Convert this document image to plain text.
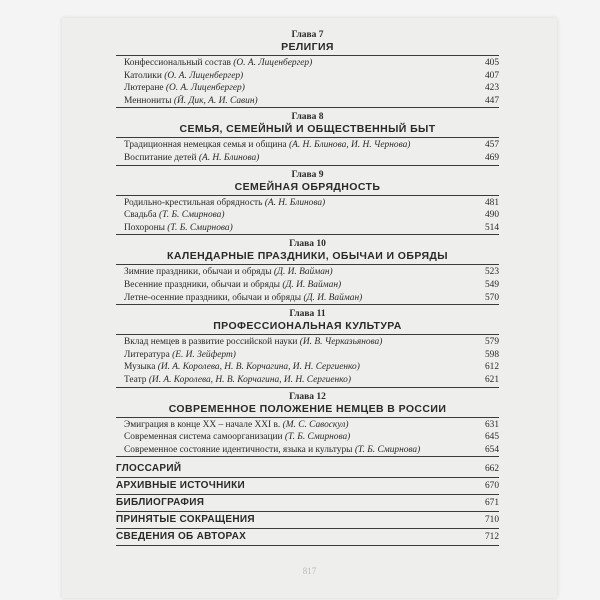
Глава 7
РЕЛИГИЯ
Конфессиональный состав (О. А. Лиценбергер)	405
Католики (О. А. Лиценбергер)	407
Лютеране (О. А. Лиценбергер)	423
Меннониты (Й. Дик, А. И. Савин)	447
Глава 8
СЕМЬЯ, СЕМЕЙНЫЙ И ОБЩЕСТВЕННЫЙ БЫТ
Традиционная немецкая семья и община (А. Н. Блинова, И. Н. Чернова)	457
Воспитание детей (А. Н. Блинова)	469
Глава 9
СЕМЕЙНАЯ ОБРЯДНОСТЬ
Родильно-крестильная обрядность (А. Н. Блинова)	481
Свадьба (Т. Б. Смирнова)	490
Похороны (Т. Б. Смирнова)	514
Глава 10
КАЛЕНДАРНЫЕ ПРАЗДНИКИ, ОБЫЧАИ И ОБРЯДЫ
Зимние праздники, обычаи и обряды (Д. И. Вайман)	523
Весенние праздники, обычаи и обряды (Д. И. Вайман)	549
Летне-осенние праздники, обычаи и обряды (Д. И. Вайман)	570
Глава 11
ПРОФЕССИОНАЛЬНАЯ КУЛЬТУРА
Вклад немцев в развитие российской науки (И. В. Черказьянова)	579
Литература (Е. И. Зейферт)	598
Музыка (И. А. Королева, Н. В. Корчагина, И. Н. Сергиенко)	612
Театр (И. А. Королева, Н. В. Корчагина, И. Н. Сергиенко)	621
Глава 12
СОВРЕМЕННОЕ ПОЛОЖЕНИЕ НЕМЦЕВ В РОССИИ
Эмиграция в конце XX – начале XXI в. (М. С. Савоскул)	631
Современная система самоорганизации (Т. Б. Смирнова)	645
Современное состояние идентичности, языка и культуры (Т. Б. Смирнова)	654
ГЛОССАРИЙ	662
АРХИВНЫЕ ИСТОЧНИКИ	670
БИБЛИОГРАФИЯ	671
ПРИНЯТЫЕ СОКРАЩЕНИЯ	710
СВЕДЕНИЯ ОБ АВТОРАХ	712
817
